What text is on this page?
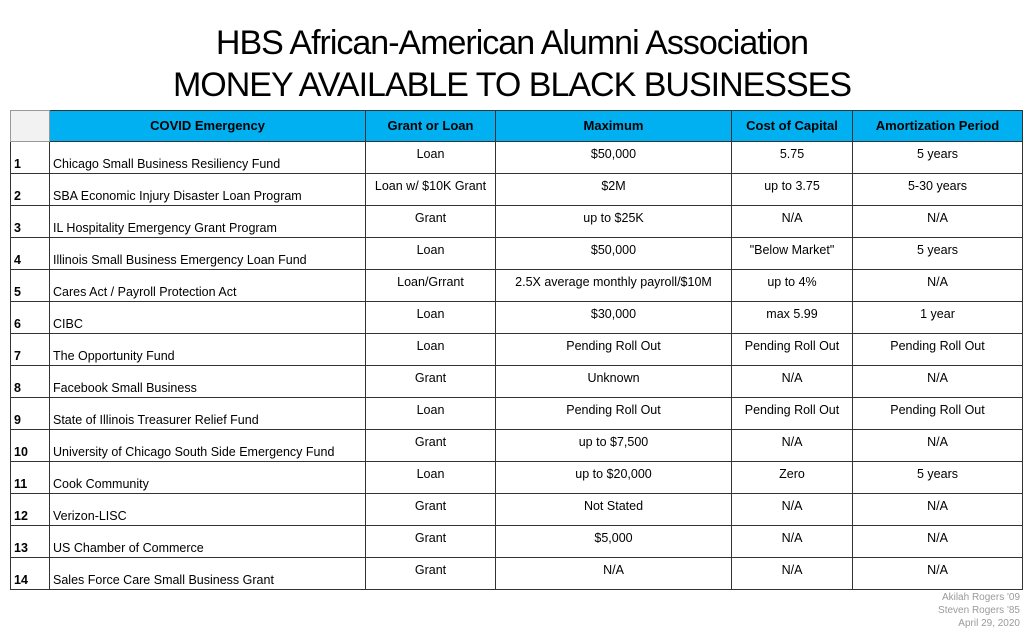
HBS African-American Alumni Association
MONEY AVAILABLE TO BLACK BUSINESSES
	COVID Emergency	Grant or Loan	Maximum	Cost of Capital	Amortization Period
1	Chicago Small Business Resiliency Fund	Loan	$50,000	5.75	5 years
2	SBA Economic Injury Disaster Loan Program	Loan w/ $10K Grant	$2M	up to 3.75	5-30 years
3	IL Hospitality Emergency Grant Program	Grant	up to $25K	N/A	N/A
4	Illinois Small Business Emergency Loan Fund	Loan	$50,000	"Below Market"	5 years
5	Cares Act / Payroll Protection Act	Loan/Grrant	2.5X average monthly payroll/$10M	up to 4%	N/A
6	CIBC	Loan	$30,000	max 5.99	1 year
7	The Opportunity Fund	Loan	Pending Roll Out	Pending Roll Out	Pending Roll Out
8	Facebook Small Business	Grant	Unknown	N/A	N/A
9	State of Illinois Treasurer Relief Fund	Loan	Pending Roll Out	Pending Roll Out	Pending Roll Out
10	University of Chicago South Side Emergency Fund	Grant	up to $7,500	N/A	N/A
11	Cook Community	Loan	up to $20,000	Zero	5 years
12	Verizon-LISC	Grant	Not Stated	N/A	N/A
13	US Chamber of Commerce	Grant	$5,000	N/A	N/A
14	Sales Force Care Small Business Grant	Grant	N/A	N/A	N/A
Akilah Rogers '09
Steven Rogers '85
April 29, 2020
